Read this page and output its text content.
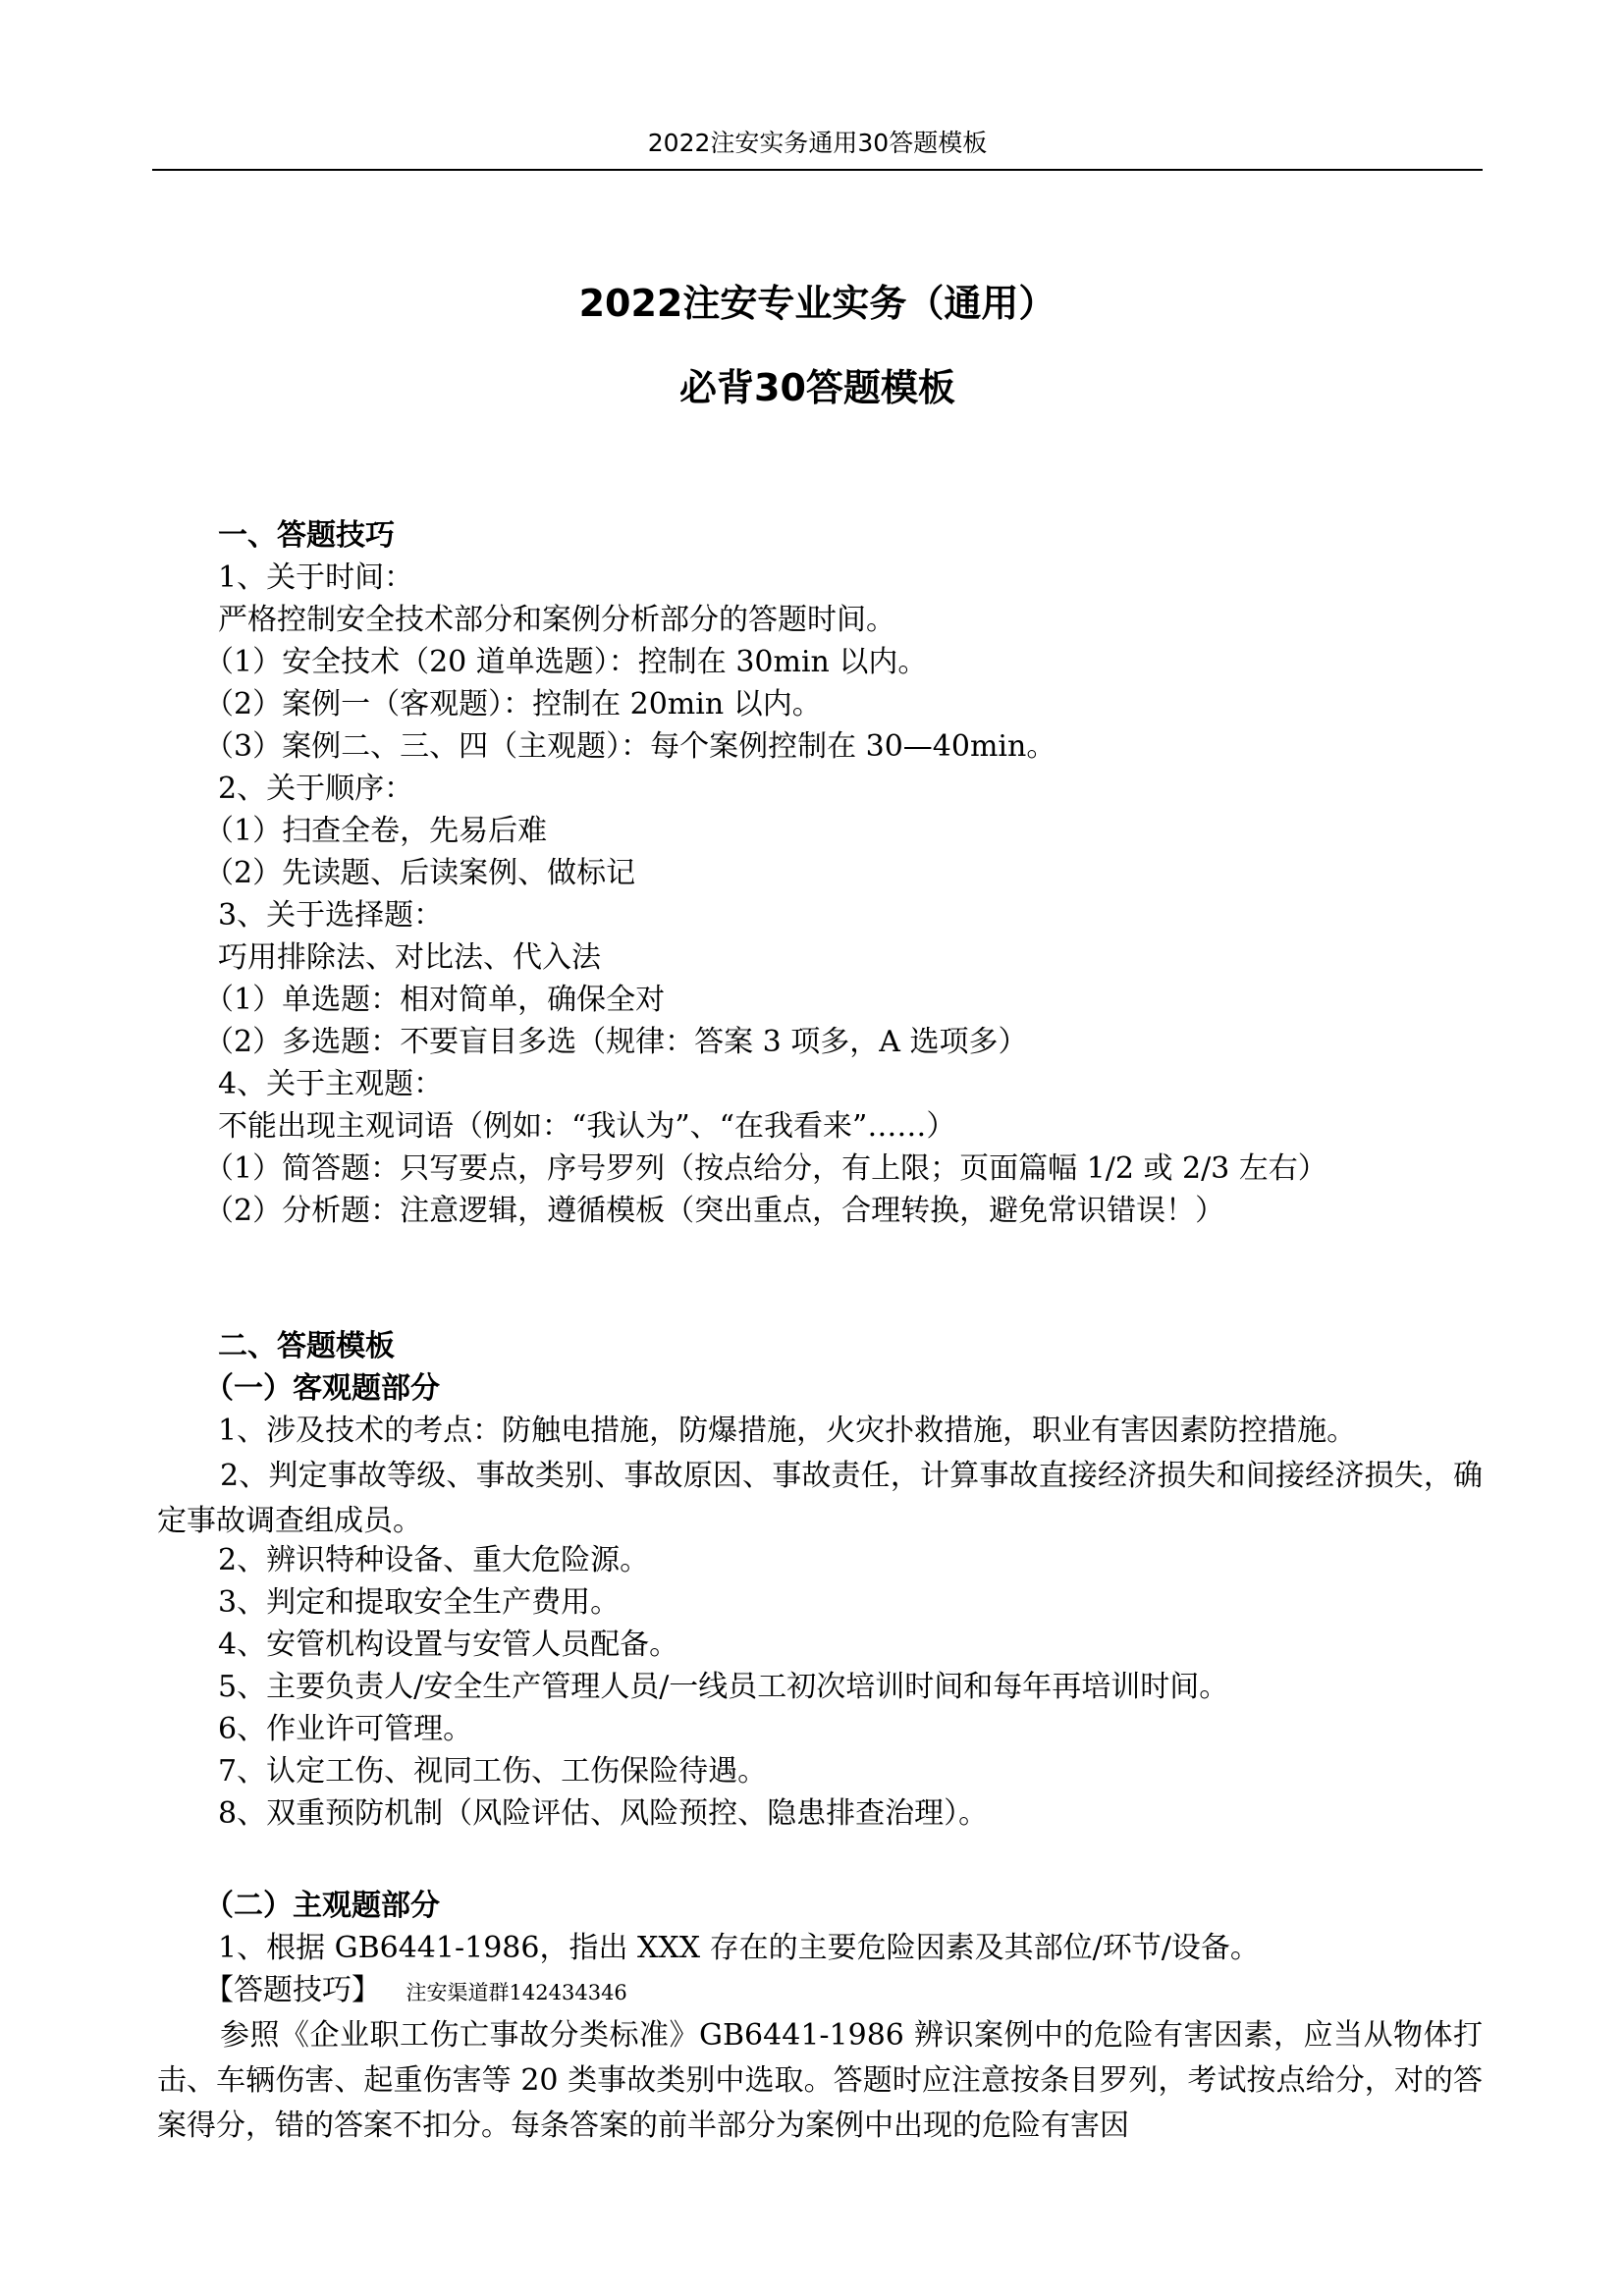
2022注安实务通用30答题模板
2022注安专业实务（通用）
必背30答题模板
一、答题技巧
1、关于时间：
严格控制安全技术部分和案例分析部分的答题时间。
（1）安全技术（20 道单选题）：控制在 30min 以内。
（2）案例一（客观题）：控制在 20min 以内。
（3）案例二、三、四（主观题）：每个案例控制在 30—40min。
2、关于顺序：
（1）扫查全卷，先易后难
（2）先读题、后读案例、做标记
3、关于选择题：
巧用排除法、对比法、代入法
（1）单选题：相对简单，确保全对
（2）多选题：不要盲目多选（规律：答案 3 项多，A 选项多）
4、关于主观题：
不能出现主观词语（例如：“我认为”、“在我看来”……）
（1）简答题：只写要点，序号罗列（按点给分，有上限；页面篇幅 1/2 或 2/3 左右）
（2）分析题：注意逻辑，遵循模板（突出重点，合理转换，避免常识错误！）
二、答题模板
（一）客观题部分
1、涉及技术的考点：防触电措施，防爆措施，火灾扑救措施，职业有害因素防控措施。
2、判定事故等级、事故类别、事故原因、事故责任，计算事故直接经济损失和间接经济损失，确定事故调查组成员。
2、辨识特种设备、重大危险源。
3、判定和提取安全生产费用。
4、安管机构设置与安管人员配备。
5、主要负责人/安全生产管理人员/一线员工初次培训时间和每年再培训时间。
6、作业许可管理。
7、认定工伤、视同工伤、工伤保险待遇。
8、双重预防机制（风险评估、风险预控、隐患排查治理）。
（二）主观题部分
1、根据 GB6441-1986，指出 XXX 存在的主要危险因素及其部位/环节/设备。
【答题技巧】 注安渠道群142434346
参照《企业职工伤亡事故分类标准》GB6441-1986 辨识案例中的危险有害因素，应当从物体打击、车辆伤害、起重伤害等 20 类事故类别中选取。答题时应注意按条目罗列，考试按点给分，对的答案得分，错的答案不扣分。每条答案的前半部分为案例中出现的危险有害因
